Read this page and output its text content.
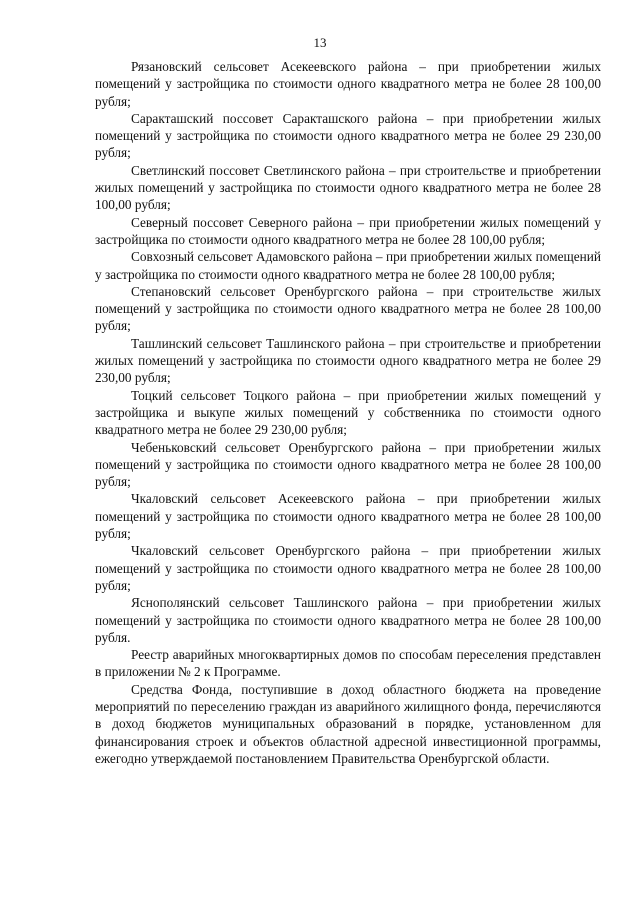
13

Рязановский сельсовет Асекеевского района – при приобретении жилых помещений у застройщика по стоимости одного квадратного метра не более 28 100,00 рубля;

Саракташский поссовет Саракташского района – при приобретении жилых помещений у застройщика по стоимости одного квадратного метра не более 29 230,00 рубля;

Светлинский поссовет Светлинского района – при строительстве и приобретении жилых помещений у застройщика по стоимости одного квадратного метра не более 28 100,00 рубля;

Северный поссовет Северного района – при приобретении жилых помещений у застройщика по стоимости одного квадратного метра не более 28 100,00 рубля;

Совхозный сельсовет Адамовского района – при приобретении жилых помещений у застройщика по стоимости одного квадратного метра не более 28 100,00 рубля;

Степановский сельсовет Оренбургского района – при строительстве жилых помещений у застройщика по стоимости одного квадратного метра не более 28 100,00 рубля;

Ташлинский сельсовет Ташлинского района – при строительстве и приобретении жилых помещений у застройщика по стоимости одного квадратного метра не более 29 230,00 рубля;

Тоцкий сельсовет Тоцкого района – при приобретении жилых помещений у застройщика и выкупе жилых помещений у собственника по стоимости одного квадратного метра не более 29 230,00 рубля;

Чебеньковский сельсовет Оренбургского района – при приобретении жилых помещений у застройщика по стоимости одного квадратного метра не более 28 100,00 рубля;

Чкаловский сельсовет Асекеевского района – при приобретении жилых помещений у застройщика по стоимости одного квадратного метра не более 28 100,00 рубля;

Чкаловский сельсовет Оренбургского района – при приобретении жилых помещений у застройщика по стоимости одного квадратного метра не более 28 100,00 рубля;

Яснополянский сельсовет Ташлинского района – при приобретении жилых помещений у застройщика по стоимости одного квадратного метра не более 28 100,00 рубля.

Реестр аварийных многоквартирных домов по способам переселения представлен в приложении № 2 к Программе.

Средства Фонда, поступившие в доход областного бюджета на проведение мероприятий по переселению граждан из аварийного жилищного фонда, перечисляются в доход бюджетов муниципальных образований в порядке, установленном для финансирования строек и объектов областной адресной инвестиционной программы, ежегодно утверждаемой постановлением Правительства Оренбургской области.
